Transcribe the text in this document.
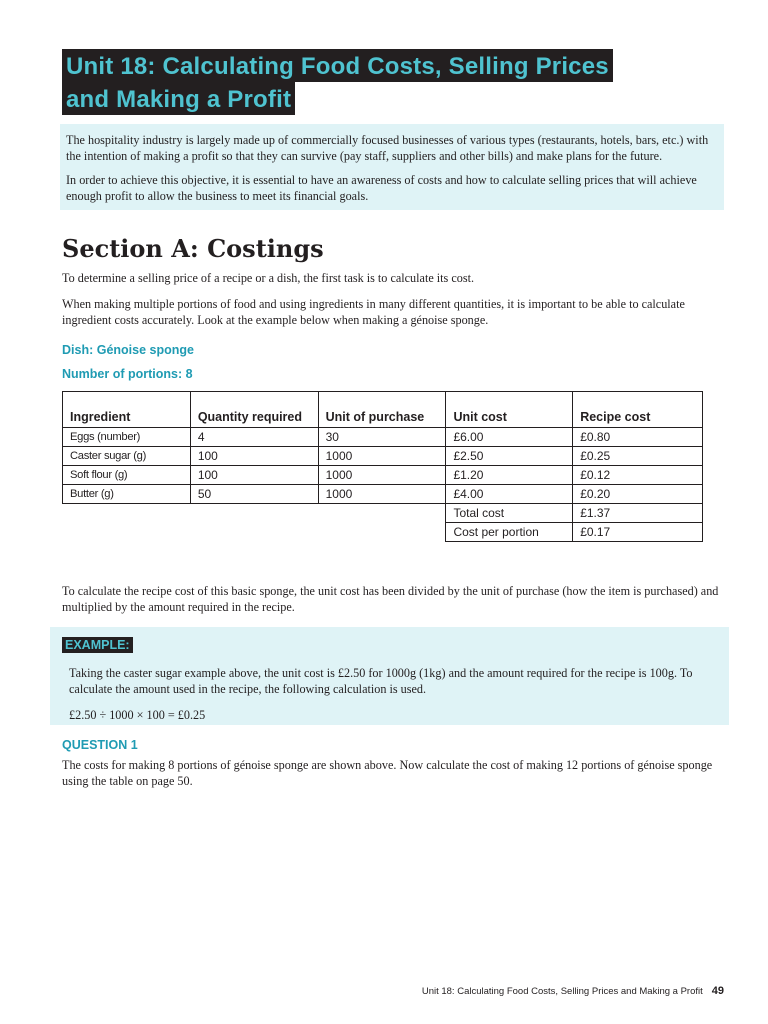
Unit 18: Calculating Food Costs, Selling Prices
and Making a Profit

The hospitality industry is largely made up of commercially focused businesses of various types (restaurants, hotels, bars, etc.) with the intention of making a profit so that they can survive (pay staff, suppliers and other bills) and make plans for the future.

In order to achieve this objective, it is essential to have an awareness of costs and how to calculate selling prices that will achieve enough profit to allow the business to meet its financial goals.

Section A: Costings

To determine a selling price of a recipe or a dish, the first task is to calculate its cost.

When making multiple portions of food and using ingredients in many different quantities, it is important to be able to calculate ingredient costs accurately. Look at the example below when making a génoise sponge.

Dish: Génoise sponge

Number of portions: 8

Ingredient	Quantity required	Unit of purchase	Unit cost	Recipe cost
Eggs (number)	4	30	£6.00	£0.80
Caster sugar (g)	100	1000	£2.50	£0.25
Soft flour (g)	100	1000	£1.20	£0.12
Butter (g)	50	1000	£4.00	£0.20
			Total cost	£1.37
			Cost per portion	£0.17

To calculate the recipe cost of this basic sponge, the unit cost has been divided by the unit of purchase (how the item is purchased) and multiplied by the amount required in the recipe.

EXAMPLE:

Taking the caster sugar example above, the unit cost is £2.50 for 1000g (1kg) and the amount required for the recipe is 100g. To calculate the amount used in the recipe, the following calculation is used.

£2.50 ÷ 1000 × 100 = £0.25

QUESTION 1

The costs for making 8 portions of génoise sponge are shown above. Now calculate the cost of making 12 portions of génoise sponge using the table on page 50.

Unit 18: Calculating Food Costs, Selling Prices and Making a Profit 49
